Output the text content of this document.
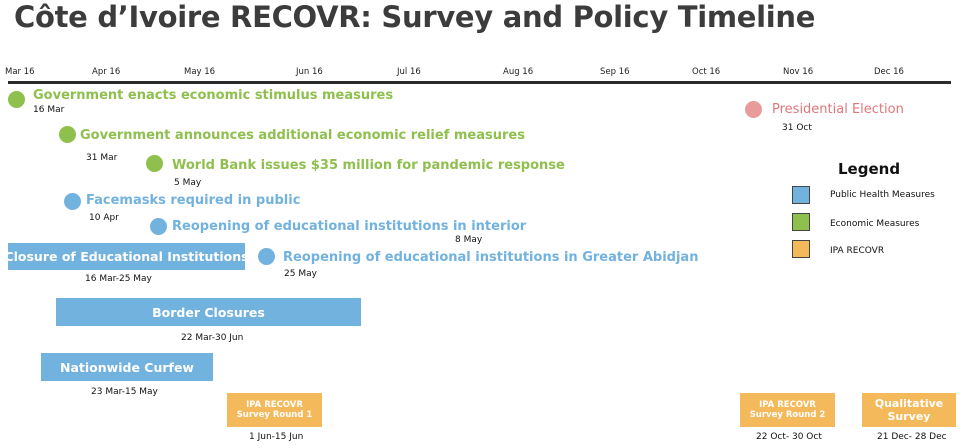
Côte d’Ivoire RECOVR: Survey and Policy Timeline
Mar 16	Apr 16	May 16	Jun 16	Jul 16	Aug 16	Sep 16	Oct 16	Nov 16	Dec 16
Government enacts economic stimulus measures
16 Mar
Government announces additional economic relief measures
31 Mar	World Bank issues $35 million for pandemic response
5 May
Facemasks required in public
10 Apr
Reopening of educational institutions in interior
8 May
Reopening of educational institutions in Greater Abidjan
25 May
Presidential Election
31 Oct
Closure of Educational Institutions
16 Mar-25 May
Border Closures
22 Mar-30 Jun
Nationwide Curfew
23 Mar-15 May
IPA RECOVR
Survey Round 1
1 Jun-15 Jun
IPA RECOVR
Survey Round 2
22 Oct- 30 Oct
Qualitative
Survey
21 Dec- 28 Dec
Legend
Public Health Measures
Economic Measures
IPA RECOVR
